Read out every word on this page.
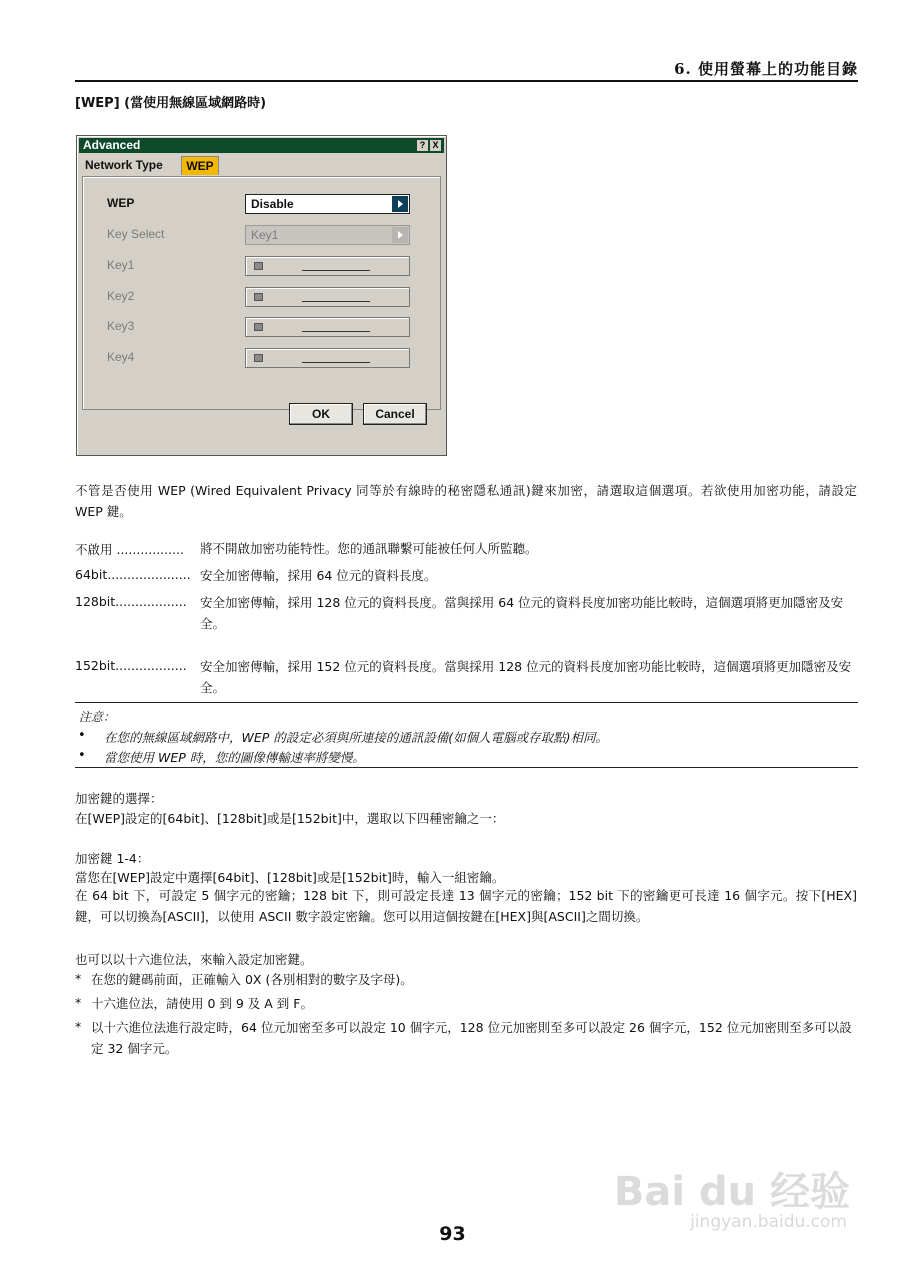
6. 使用螢幕上的功能目錄
[WEP] (當使用無線區域網路時)
Advanced	? X
Network Type	WEP
WEP	Disable
Key Select	Key1
Key1
Key2
Key3
Key4
OK	Cancel
不管是否使用 WEP (Wired Equivalent Privacy 同等於有線時的秘密隱私通訊)鍵來加密，請選取這個選項。若欲使用加密功能，請設定 WEP 鍵。
不啟用 ................. 將不開啟加密功能特性。您的通訊聯繫可能被任何人所監聽。
64bit..................... 安全加密傳輸，採用 64 位元的資料長度。
128bit.................. 安全加密傳輸，採用 128 位元的資料長度。當與採用 64 位元的資料長度加密功能比較時，這個選項將更加隱密及安全。
152bit.................. 安全加密傳輸，採用 152 位元的資料長度。當與採用 128 位元的資料長度加密功能比較時，這個選項將更加隱密及安全。
注意：
• 在您的無線區域網路中，WEP 的設定必須與所連接的通訊設備(如個人電腦或存取點)相同。
• 當您使用 WEP 時，您的圖像傳輸速率將變慢。
加密鍵的選擇：
在[WEP]設定的[64bit]、[128bit]或是[152bit]中，選取以下四種密鑰之一：
加密鍵 1-4：
當您在[WEP]設定中選擇[64bit]、[128bit]或是[152bit]時，輸入一組密鑰。
在 64 bit 下，可設定 5 個字元的密鑰；128 bit 下，則可設定長達 13 個字元的密鑰；152 bit 下的密鑰更可長達 16 個字元。按下[HEX]鍵，可以切換為[ASCII]，以使用 ASCII 數字設定密鑰。您可以用這個按鍵在[HEX]與[ASCII]之間切換。
也可以以十六進位法，來輸入設定加密鍵。
* 在您的鍵碼前面，正確輸入 0X (各別相對的數字及字母)。
* 十六進位法，請使用 0 到 9 及 A 到 F。
* 以十六進位法進行設定時，64 位元加密至多可以設定 10 個字元，128 位元加密則至多可以設定 26 個字元，152 位元加密則至多可以設定 32 個字元。
Bai du 经验
jingyan.baidu.com
93
